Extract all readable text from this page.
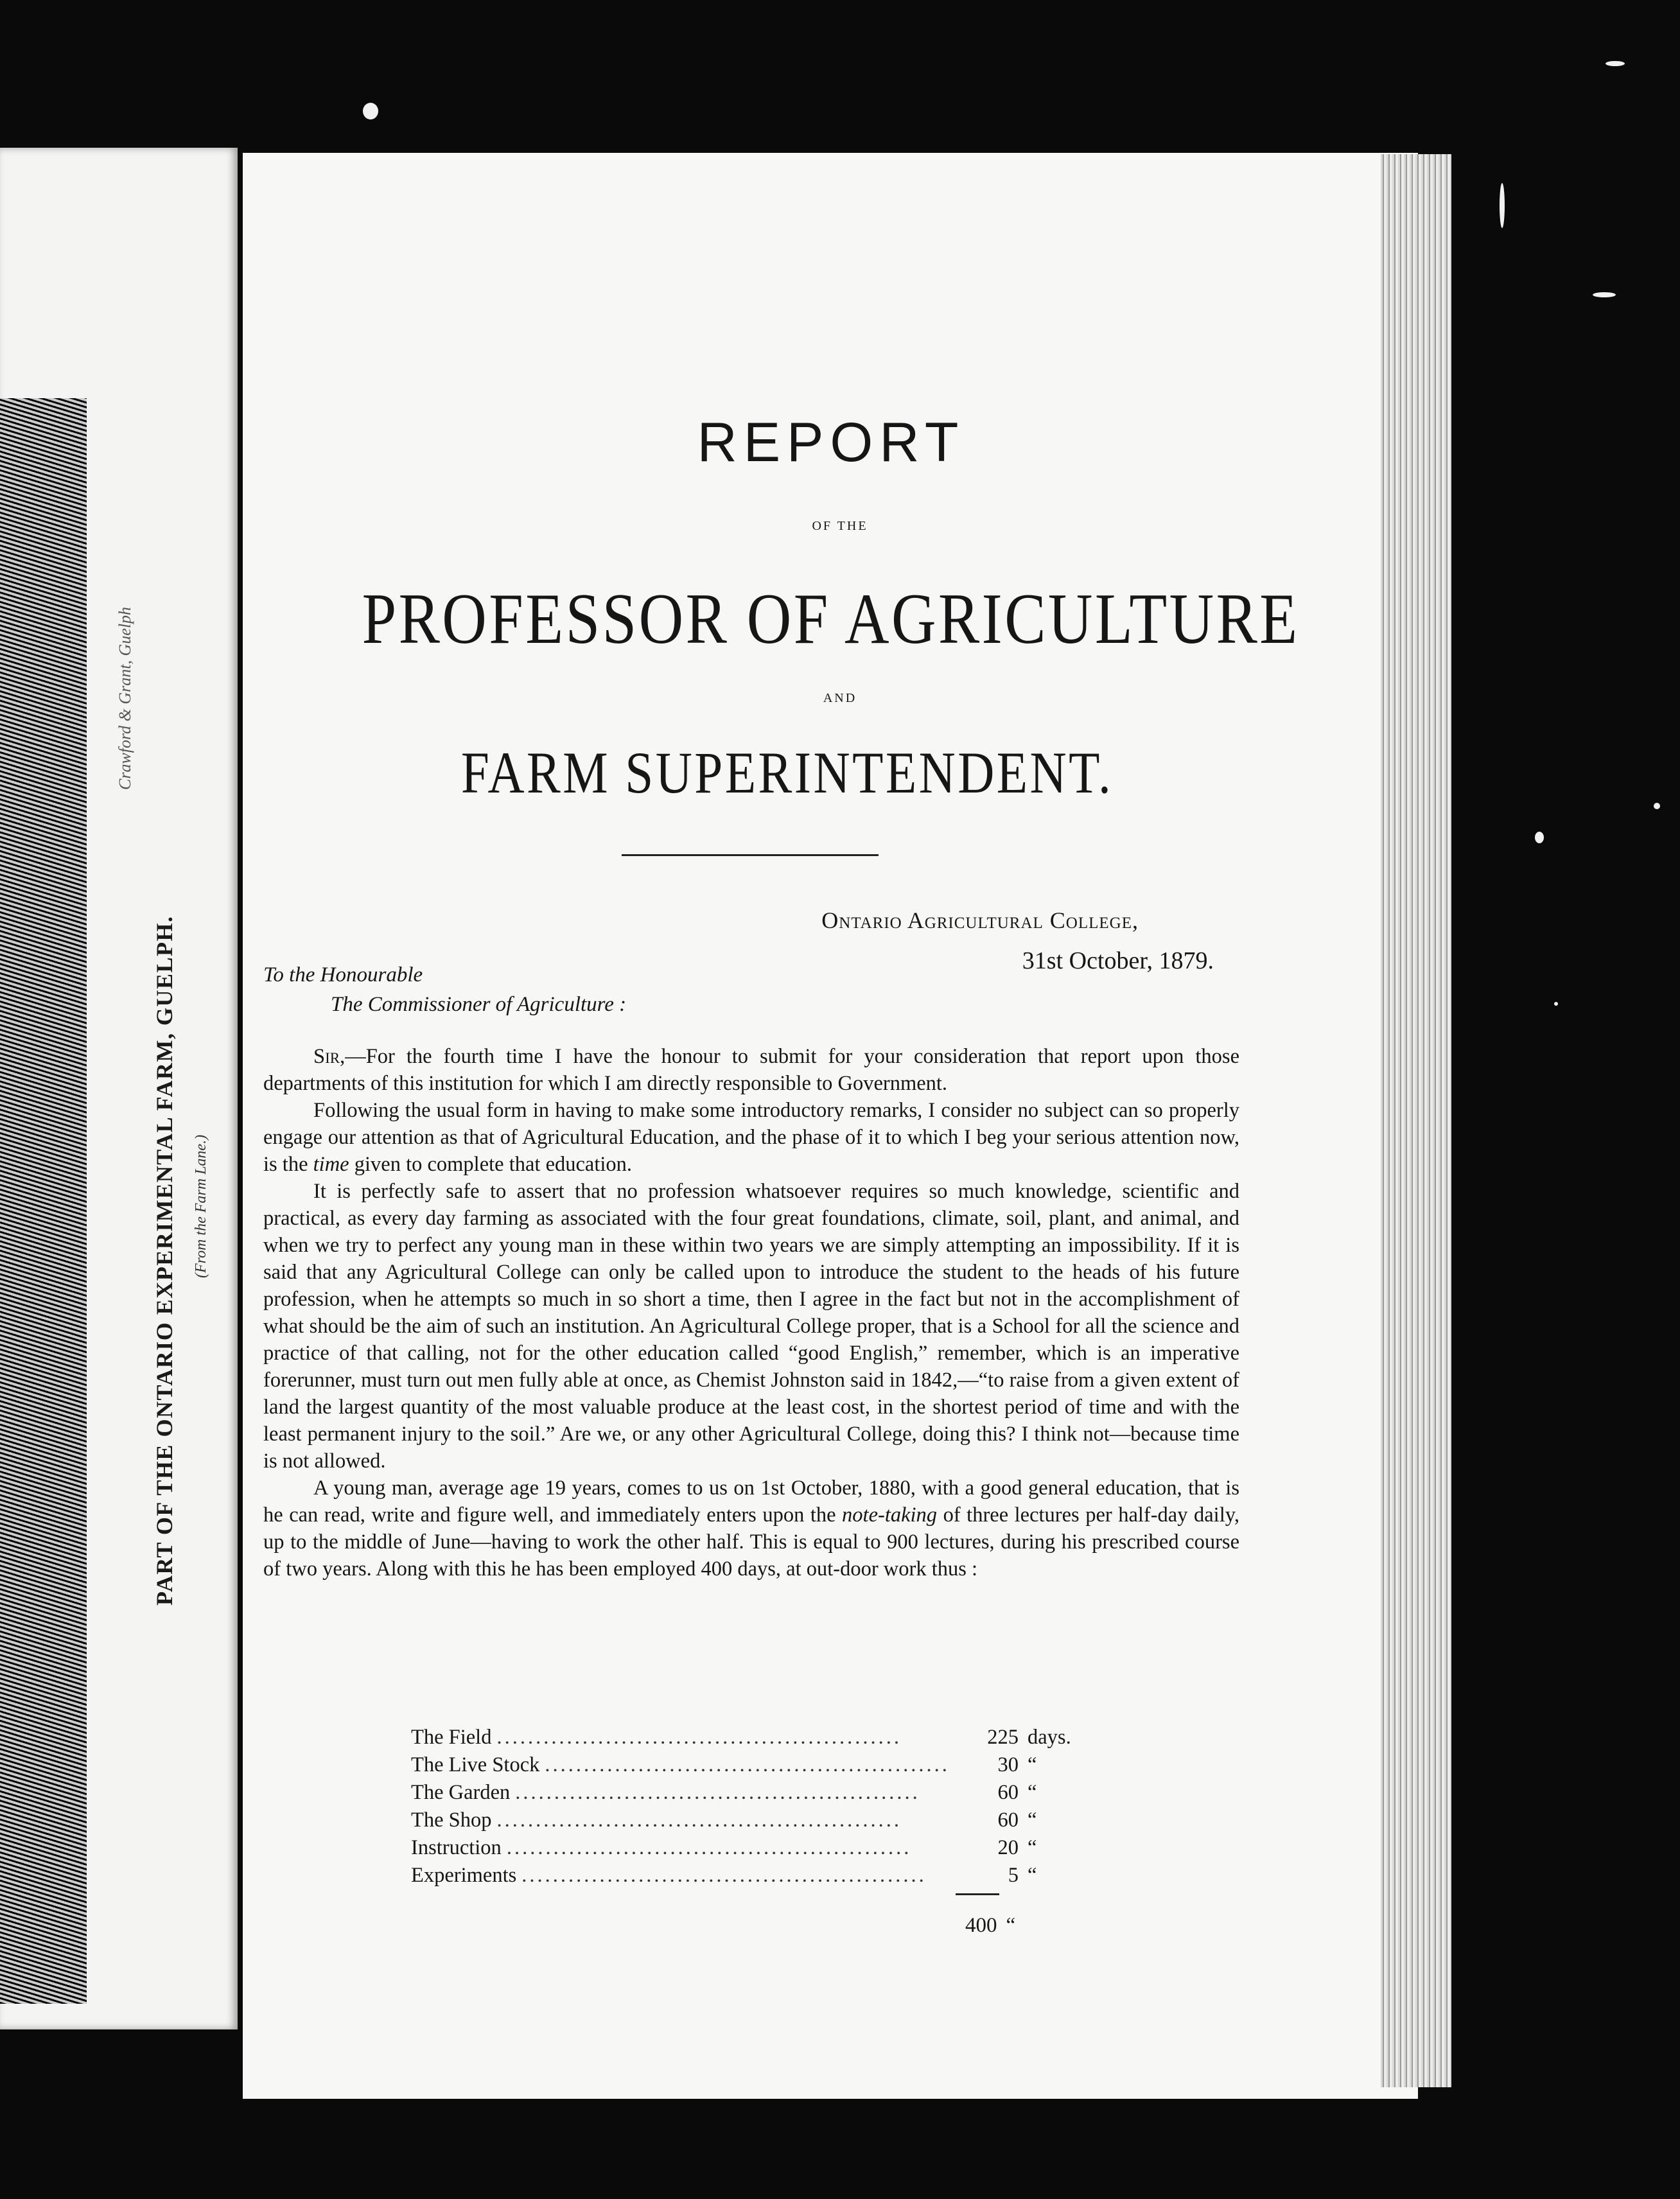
Crawford & Grant, Guelph
PART OF THE ONTARIO EXPERIMENTAL FARM, GUELPH. (From the Farm Lane.)
REPORT
OF THE
PROFESSOR OF AGRICULTURE
AND
FARM SUPERINTENDENT.
Ontario Agricultural College,
31st October, 1879.
To the Honourable
The Commissioner of Agriculture :

Sir,—For the fourth time I have the honour to submit for your consideration that report upon those departments of this institution for which I am directly responsible to Government.

Following the usual form in having to make some introductory remarks, I consider no subject can so properly engage our attention as that of Agricultural Education, and the phase of it to which I beg your serious attention now, is the time given to complete that education.

It is perfectly safe to assert that no profession whatsoever requires so much knowledge, scientific and practical, as every day farming as associated with the four great foundations, climate, soil, plant, and animal, and when we try to perfect any young man in these within two years we are simply attempting an impossibility. If it is said that any Agricultural College can only be called upon to introduce the student to the heads of his future profession, when he attempts so much in so short a time, then I agree in the fact but not in the accomplishment of what should be the aim of such an institution. An Agricultural College proper, that is a School for all the science and practice of that calling, not for the other education called “good English,” remember, which is an imperative forerunner, must turn out men fully able at once, as Chemist Johnston said in 1842,—“to raise from a given extent of land the largest quantity of the most valuable produce at the least cost, in the shortest period of time and with the least permanent injury to the soil.” Are we, or any other Agricultural College, doing this? I think not—because time is not allowed.

A young man, average age 19 years, comes to us on 1st October, 1880, with a good general education, that is he can read, write and figure well, and immediately enters upon the note-taking of three lectures per half-day daily, up to the middle of June—having to work the other half. This is equal to 900 lectures, during his prescribed course of two years. Along with this he has been employed 400 days, at out-door work thus :

The Field ....................................................	225 days.
The Live Stock ....................................................	30 “
The Garden ....................................................	60 “
The Shop ....................................................	60 “
Instruction ....................................................	20 “
Experiments ....................................................	5 “
400 “
